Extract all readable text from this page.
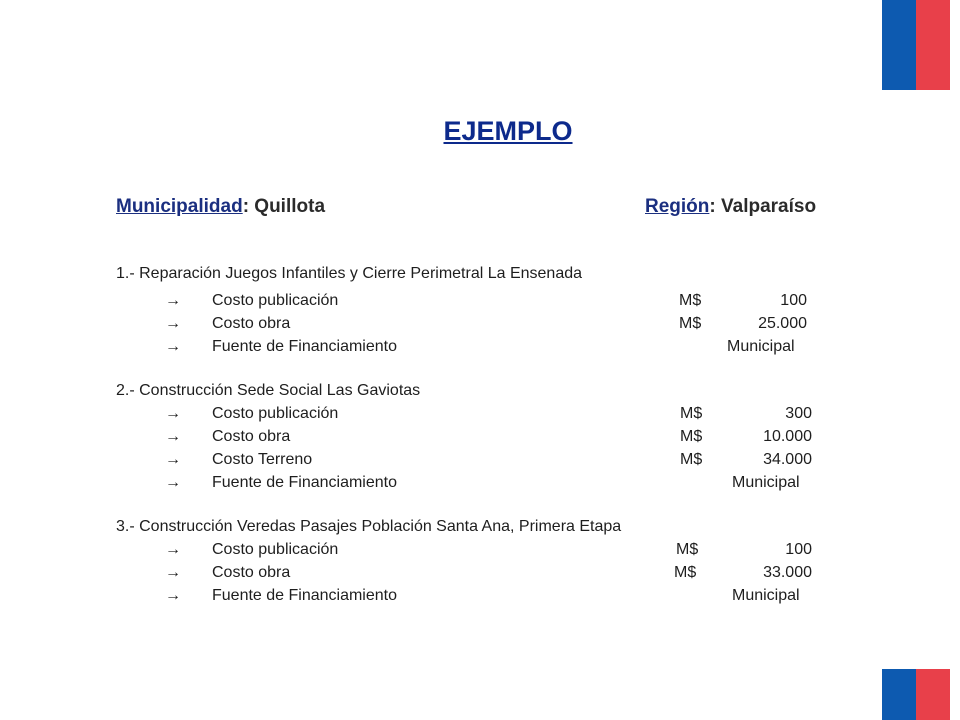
EJEMPLO
Municipalidad: Quillota	Región: Valparaíso
1.- Reparación Juegos Infantiles y Cierre Perimetral La Ensenada
→ Costo publicación	M$	100
→ Costo obra	M$	25.000
→ Fuente de Financiamiento	Municipal
2.- Construcción Sede Social Las Gaviotas
→ Costo publicación	M$	300
→ Costo obra	M$	10.000
→ Costo Terreno	M$	34.000
→ Fuente de Financiamiento	Municipal
3.- Construcción Veredas Pasajes Población Santa Ana, Primera Etapa
→ Costo publicación	M$	100
→ Costo obra	M$	33.000
→ Fuente de Financiamiento	Municipal
